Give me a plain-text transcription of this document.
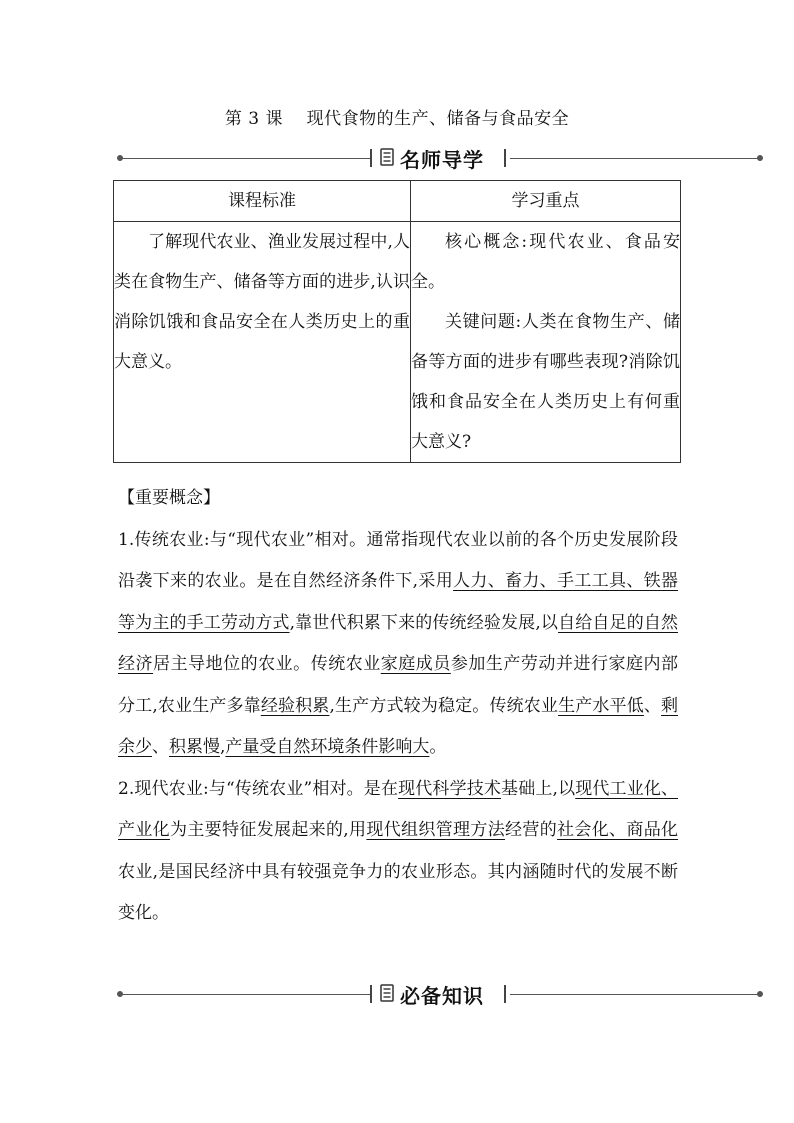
第 3 课    现代食物的生产、储备与食品安全
名师导学
课程标准	学习重点

了解现代农业、渔业发展过程中,人类在食物生产、储备等方面的进步,认识消除饥饿和食品安全在人类历史上的重大意义。	核心概念:现代农业、食品安全。

关键问题:人类在食物生产、储备等方面的进步有哪些表现?消除饥饿和食品安全在人类历史上有何重大意义?

【重要概念】

1.传统农业:与“现代农业”相对。通常指现代农业以前的各个历史发展阶段沿袭下来的农业。是在自然经济条件下,采用人力、畜力、手工工具、铁器等为主的手工劳动方式,靠世代积累下来的传统经验发展,以自给自足的自然经济居主导地位的农业。传统农业家庭成员参加生产劳动并进行家庭内部分工,农业生产多靠经验积累,生产方式较为稳定。传统农业生产水平低、剩余少、积累慢,产量受自然环境条件影响大。

2.现代农业:与“传统农业”相对。是在现代科学技术基础上,以现代工业化、产业化为主要特征发展起来的,用现代组织管理方法经营的社会化、商品化农业,是国民经济中具有较强竞争力的农业形态。其内涵随时代的发展不断变化。

必备知识
